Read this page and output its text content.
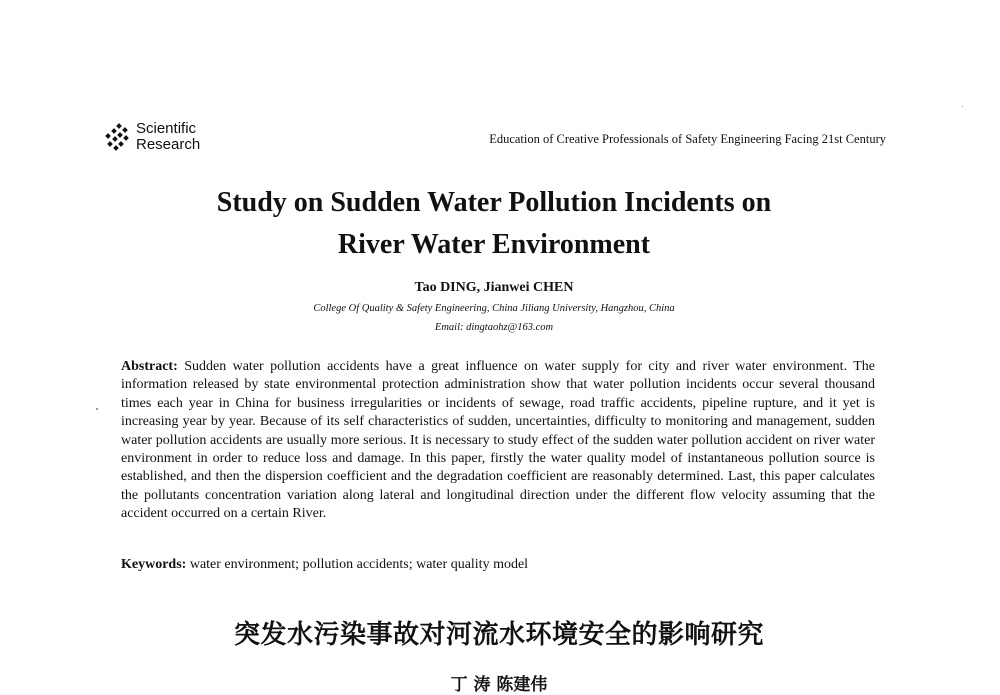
Scientific
Research	Education of Creative Professionals of Safety Engineering Facing 21st Century
Study on Sudden Water Pollution Incidents on
River Water Environment
Tao DING, Jianwei CHEN
College Of Quality & Safety Engineering, China Jiliang University, Hangzhou, China
Email: dingtaohz@163.com
Abstract: Sudden water pollution accidents have a great influence on water supply for city and river water environment. The information released by state environmental protection administration show that water pollution incidents occur several thousand times each year in China for business irregularities or incidents of sewage, road traffic accidents, pipeline rupture, and it yet is increasing year by year. Because of its self characteristics of sudden, uncertainties, difficulty to monitoring and management, sudden water pollution accidents are usually more serious. It is necessary to study effect of the sudden water pollution accident on river water environment in order to reduce loss and damage. In this paper, firstly the water quality model of instantaneous pollution source is established, and then the dispersion coefficient and the degradation coefficient are reasonably determined. Last, this paper calculates the pollutants concentration variation along lateral and longitudinal direction under the different flow velocity assuming that the accident occurred on a certain River.
Keywords: water environment; pollution accidents; water quality model
突发水污染事故对河流水环境安全的影响研究
丁 涛 陈建伟
